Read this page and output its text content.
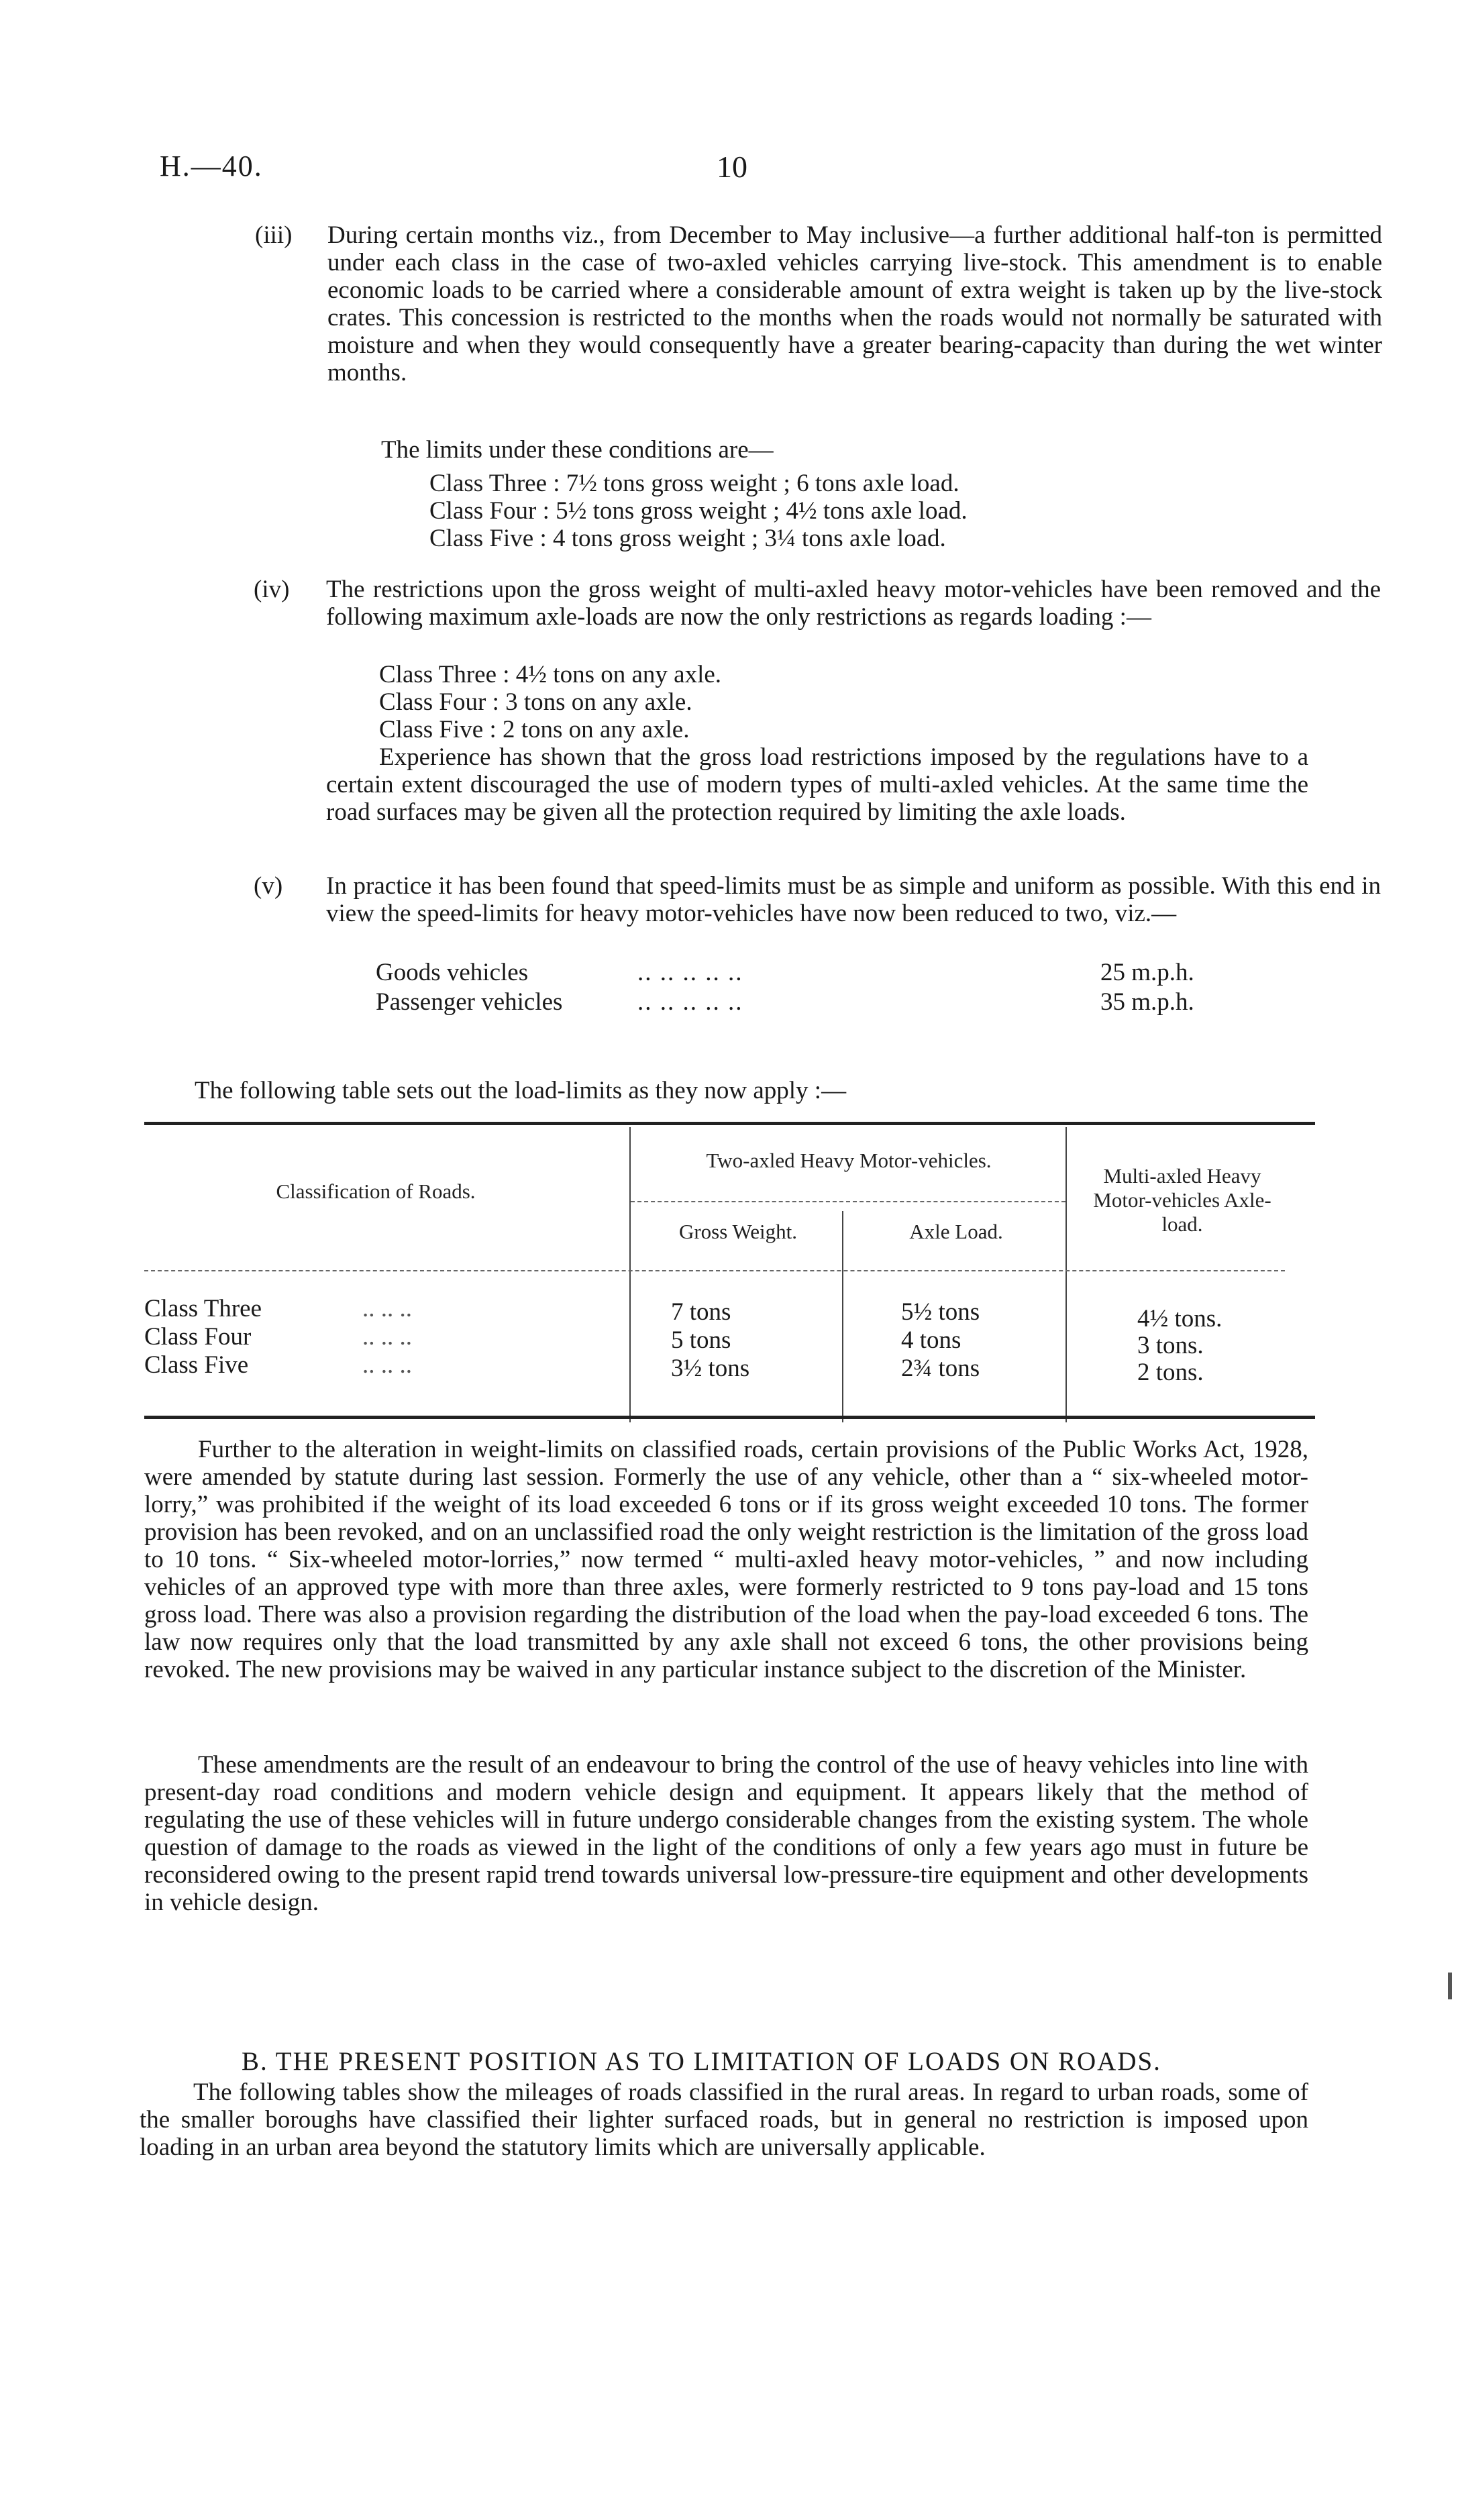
H.—40.	10
(iii) During certain months viz., from December to May inclusive—a further additional half-ton is permitted under each class in the case of two-axled vehicles carrying live-stock. This amendment is to enable economic loads to be carried where a considerable amount of extra weight is taken up by the live-stock crates. This concession is restricted to the months when the roads would not normally be saturated with moisture and when they would consequently have a greater bearing-capacity than during the wet winter months.
The limits under these conditions are—
Class Three : 7½ tons gross weight ; 6 tons axle load.
Class Four : 5½ tons gross weight ; 4½ tons axle load.
Class Five : 4 tons gross weight ; 3¼ tons axle load.
(iv) The restrictions upon the gross weight of multi-axled heavy motor-vehicles have been removed and the following maximum axle-loads are now the only restrictions as regards loading :—
Class Three : 4½ tons on any axle.
Class Four : 3 tons on any axle.
Class Five : 2 tons on any axle.
Experience has shown that the gross load restrictions imposed by the regulations have to a certain extent discouraged the use of modern types of multi-axled vehicles. At the same time the road surfaces may be given all the protection required by limiting the axle loads.
(v) In practice it has been found that speed-limits must be as simple and uniform as possible. With this end in view the speed-limits for heavy motor-vehicles have now been reduced to two, viz.—
Goods vehicles	.. .. .. .. ..	25 m.p.h.
Passenger vehicles	.. .. .. .. ..	35 m.p.h.
The following table sets out the load-limits as they now apply :—
Two-axled Heavy Motor-vehicles.
Classification of Roads.
Multi-axled Heavy Motor-vehicles Axle-load.
Gross Weight.	Axle Load.
Class Three	.. .. ..	7 tons	5½ tons	4½ tons.
Class Four	.. .. ..	5 tons	4 tons	3 tons.
Class Five	.. .. ..	3½ tons	2¾ tons	2 tons.
Further to the alteration in weight-limits on classified roads, certain provisions of the Public Works Act, 1928, were amended by statute during last session. Formerly the use of any vehicle, other than a “ six-wheeled motor-lorry,” was prohibited if the weight of its load exceeded 6 tons or if its gross weight exceeded 10 tons. The former provision has been revoked, and on an unclassified road the only weight restriction is the limitation of the gross load to 10 tons. “ Six-wheeled motor-lorries,” now termed “ multi-axled heavy motor-vehicles, ” and now including vehicles of an approved type with more than three axles, were formerly restricted to 9 tons pay-load and 15 tons gross load. There was also a provision regarding the distribution of the load when the pay-load exceeded 6 tons. The law now requires only that the load transmitted by any axle shall not exceed 6 tons, the other provisions being revoked. The new provisions may be waived in any particular instance subject to the discretion of the Minister.
These amendments are the result of an endeavour to bring the control of the use of heavy vehicles into line with present-day road conditions and modern vehicle design and equipment. It appears likely that the method of regulating the use of these vehicles will in future undergo considerable changes from the existing system. The whole question of damage to the roads as viewed in the light of the conditions of only a few years ago must in future be reconsidered owing to the present rapid trend towards universal low-pressure-tire equipment and other developments in vehicle design.
B. THE PRESENT POSITION AS TO LIMITATION OF LOADS ON ROADS.
The following tables show the mileages of roads classified in the rural areas. In regard to urban roads, some of the smaller boroughs have classified their lighter surfaced roads, but in general no restriction is imposed upon loading in an urban area beyond the statutory limits which are universally applicable.
